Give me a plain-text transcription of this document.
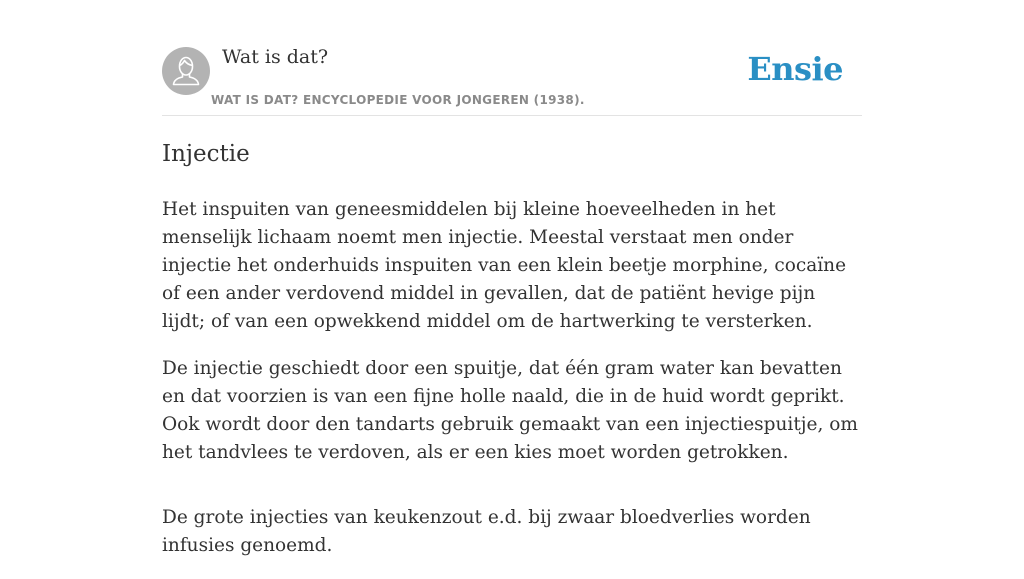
Wat is dat?
WAT IS DAT? ENCYCLOPEDIE VOOR JONGEREN (1938).
Ensie
Injectie

Het inspuiten van geneesmiddelen bij kleine hoeveelheden in het menselijk lichaam noemt men injectie. Meestal verstaat men onder injectie het onderhuids inspuiten van een klein beetje morphine, cocaïne of een ander verdovend middel in gevallen, dat de patiënt hevige pijn lijdt; of van een opwekkend middel om de hartwerking te versterken.

De injectie geschiedt door een spuitje, dat één gram water kan bevatten en dat voorzien is van een fijne holle naald, die in de huid wordt geprikt. Ook wordt door den tandarts gebruik gemaakt van een injectiespuitje, om het tandvlees te verdoven, als er een kies moet worden getrokken.

De grote injecties van keukenzout e.d. bij zwaar bloedverlies worden infusies genoemd.
